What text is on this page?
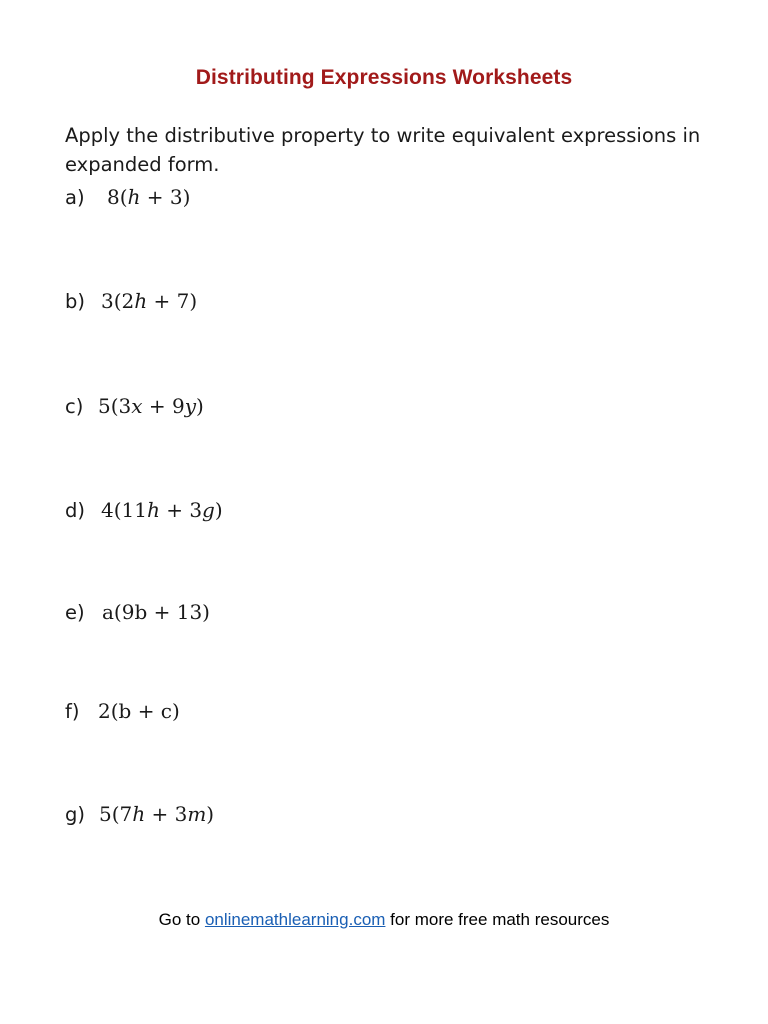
Distributing Expressions Worksheets
Apply the distributive property to write equivalent expressions in expanded form.
a)	8(ℎ + 3)
b) 3(2ℎ + 7)
c) 5(3𝑥 + 9𝑦)
d) 4(11ℎ + 3𝑔)
e) a(9b + 13)
f) 2(b + c)
g) 5(7ℎ + 3𝑚)
Go to onlinemathlearning.com for more free math resources
